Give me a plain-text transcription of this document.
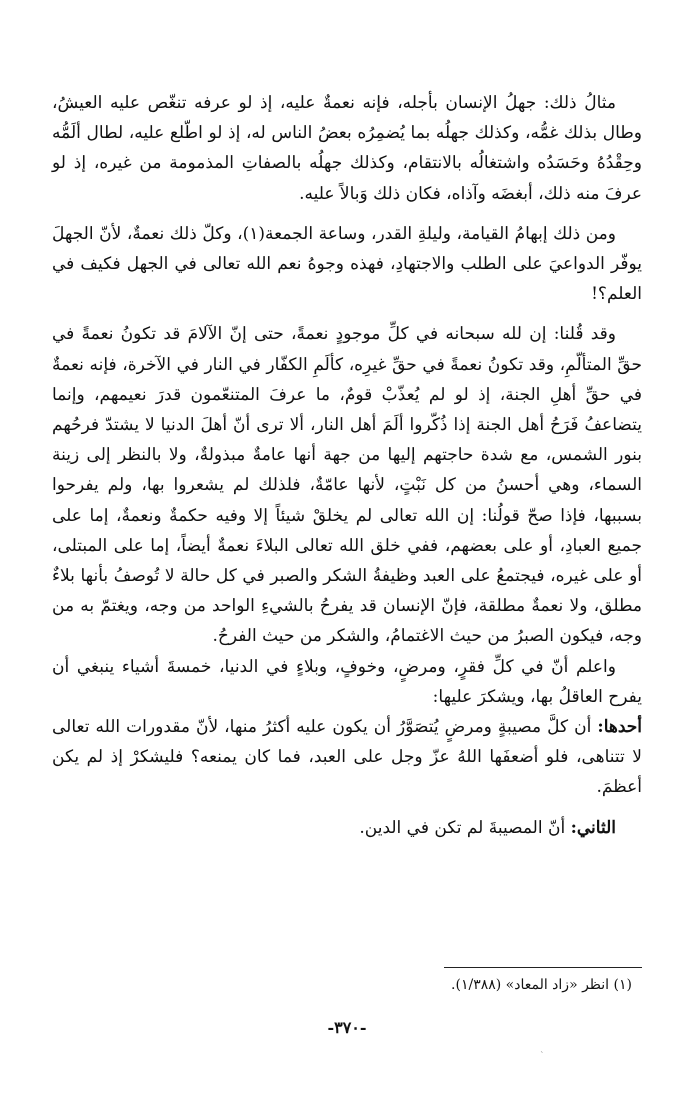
مثالُ ذلك: جهلُ الإنسان بأجله، فإنه نعمةٌ عليه، إذ لو عرفه تنغّص عليه العيشُ، وطال بذلك غمُّه، وكذلك جهلُه بما يُضمِرُه بعضُ الناس له، إذ لو اطّلع عليه، لطال ألَمُّه وحِقْدُهُ وحَسَدُه واشتغالُه بالانتقام، وكذلك جهلُه بالصفاتِ المذمومة من غيره، إذ لو عرفَ منه ذلك، أبغضَه وآذاه، فكان ذلك وَبالاً عليه.

ومن ذلك إبهامُ القيامة، وليلةِ القدر، وساعة الجمعة(١)، وكلّ ذلك نعمةٌ، لأنّ الجهلَ يوفّر الدواعيَ على الطلب والاجتهادِ، فهذه وجوهُ نعم الله تعالى في الجهل فكيف في العلم؟!

وقد قُلنا: إن لله سبحانه في كلِّ موجودٍ نعمةً، حتى إنّ الآلامَ قد تكونُ نعمةً في حقِّ المتألّمِ، وقد تكونُ نعمةً في حقِّ غيرِه، كألَمِ الكفّار في النار في الآخرة، فإنه نعمةٌ في حقِّ أهلِ الجنة، إذ لو لم يُعذّبْ قومٌ، ما عرفَ المتنعّمون قدرَ نعيمهم، وإنما يتضاعفُ فَرَحُ أهل الجنة إذا ذُكّروا ألَمَ أهل النار، ألا ترى أنّ أهلَ الدنيا لا يشتدّ فرحُهم بنور الشمس، مع شدة حاجتهم إليها من جهة أنها عامةٌ مبذولةٌ، ولا بالنظر إلى زينة السماء، وهي أحسنُ من كل نَبْتٍ، لأنها عامّةٌ، فلذلك لم يشعروا بها، ولم يفرحوا بسببها، فإذا صحّ قولُنا: إن الله تعالى لم يخلقْ شيئاً إلا وفيه حكمةٌ ونعمةٌ، إما على جميع العبادِ، أو على بعضهم، ففي خلق الله تعالى البلاءَ نعمةٌ أيضاً، إما على المبتلى، أو على غيره، فيجتمعُ على العبد وظيفةُ الشكر والصبر في كل حالة لا تُوصفُ بأنها بلاءٌ مطلق، ولا نعمةٌ مطلقة، فإنّ الإنسان قد يفرحُ بالشيءِ الواحد من وجه، ويغتمّ به من وجه، فيكون الصبرُ من حيث الاغتمامُ، والشكر من حيث الفرحُ.

واعلم أنّ في كلِّ فقرٍ، ومرضٍ، وخوفٍ، وبلاءٍ في الدنيا، خمسةَ أشياء ينبغي أن يفرح العاقلُ بها، ويشكرَ عليها:

أحدها: أن كلَّ مصيبةٍ ومرضٍ يُتصَوَّرُ أن يكون عليه أكثرُ منها، لأنّ مقدورات الله تعالى لا تتناهى، فلو أضعفَها اللهُ عزّ وجل على العبد، فما كان يمنعه؟ فليشكرْ إذ لم يكن أعظمَ.

الثاني: أنّ المصيبةَ لم تكن في الدين.

(١) انظر «زاد المعاد» (١/٣٨٨).
-٣٧٠-
`
